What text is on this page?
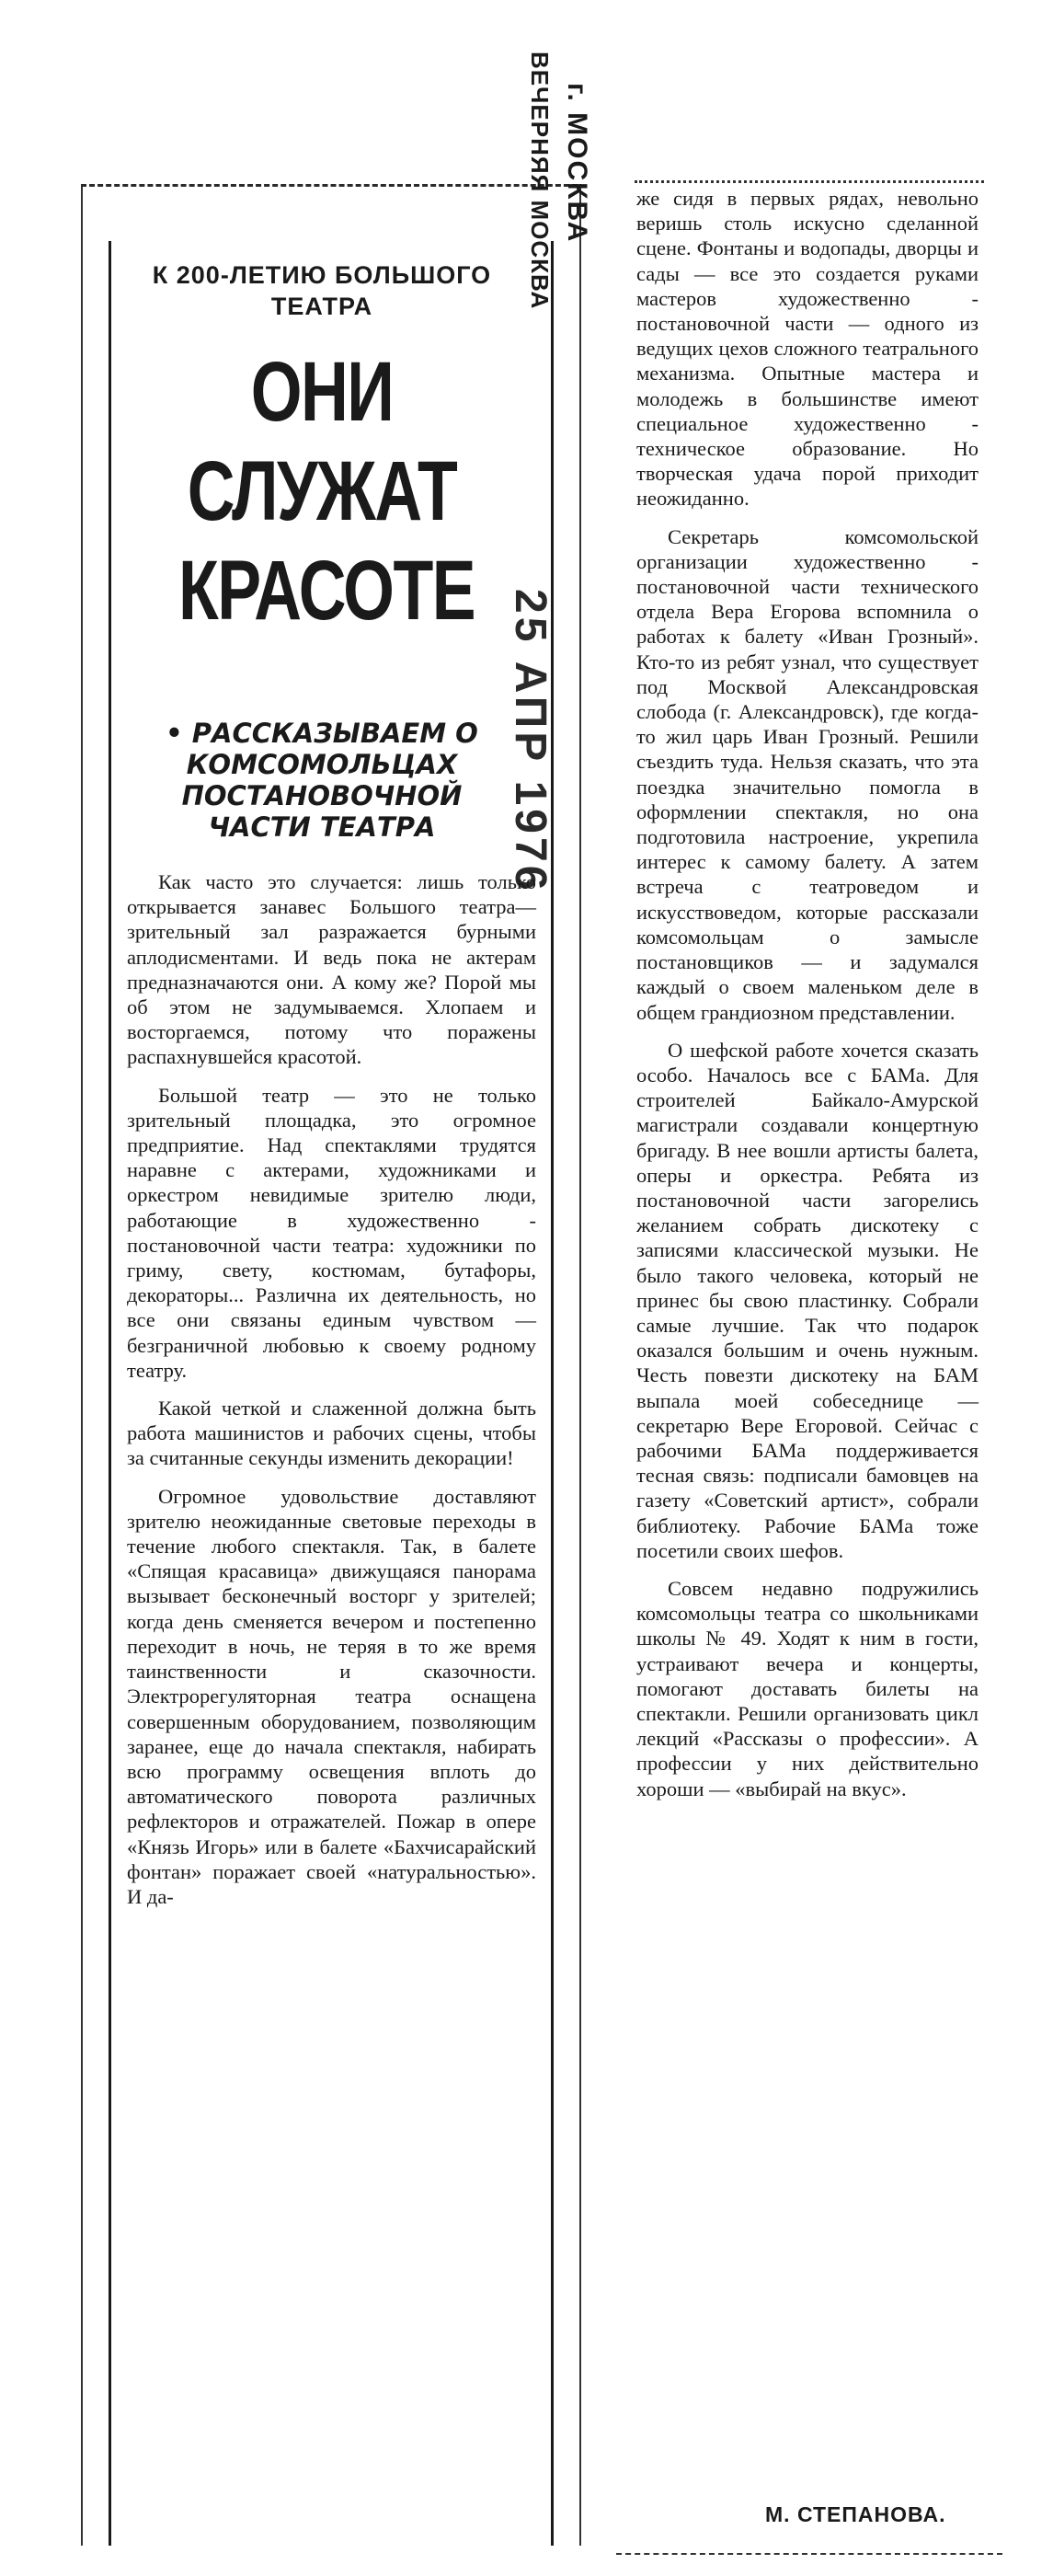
ВЕЧЕРНЯЯ МОСКВА г. МОСКВА
25 АПР 1976
К 200-ЛЕТИЮ БОЛЬШОГО ТЕАТРА
ОНИ
СЛУЖАТ
КРАСОТЕ
• РАССКАЗЫВАЕМ О КОМСОМОЛЬЦАХ ПОСТАНОВОЧНОЙ ЧАСТИ ТЕАТРА

Как часто это случается: лишь только открывается занавес Большого театра—зрительный зал разражается бурными аплодисментами. И ведь пока не актерам предназначаются они. А кому же? Порой мы об этом не задумываемся. Хлопаем и восторгаемся, потому что поражены распахнувшейся красотой.

Большой театр — это не только зрительный площадка, это огромное предприятие. Над спектаклями трудятся наравне с актерами, художниками и оркестром невидимые зрителю люди, работающие в художественно - постановочной части театра: художники по гриму, свету, костюмам, бутафоры, декораторы... Различна их деятельность, но все они связаны единым чувством — безграничной любовью к своему родному театру.

Какой четкой и слаженной должна быть работа машинистов и рабочих сцены, чтобы за считанные секунды изменить декорации!

Огромное удовольствие доставляют зрителю неожиданные световые переходы в течение любого спектакля. Так, в балете «Спящая красавица» движущаяся панорама вызывает бесконечный восторг у зрителей; когда день сменяется вечером и постепенно переходит в ночь, не теряя в то же время таинственности и сказочности. Электрорегуляторная театра оснащена совершенным оборудованием, позволяющим заранее, еще до начала спектакля, набирать всю программу освещения вплоть до автоматического поворота различных рефлекторов и отражателей. Пожар в опере «Князь Игорь» или в балете «Бахчисарайский фонтан» поражает своей «натуральностью». И да-

же сидя в первых рядах, невольно веришь столь искусно сделанной сцене. Фонтаны и водопады, дворцы и сады — все это создается руками мастеров художественно - постановочной части — одного из ведущих цехов сложного театрального механизма. Опытные мастера и молодежь в большинстве имеют специальное художественно - техническое образование. Но творческая удача порой приходит неожиданно.

Секретарь комсомольской организации художественно - постановочной части технического отдела Вера Егорова вспомнила о работах к балету «Иван Грозный». Кто-то из ребят узнал, что существует под Москвой Александровская слобода (г. Александровск), где когда-то жил царь Иван Грозный. Решили съездить туда. Нельзя сказать, что эта поездка значительно помогла в оформлении спектакля, но она подготовила настроение, укрепила интерес к самому балету. А затем встреча с театроведом и искусствоведом, которые рассказали комсомольцам о замысле постановщиков — и задумался каждый о своем маленьком деле в общем грандиозном представлении.

О шефской работе хочется сказать особо. Началось все с БАМа. Для строителей Байкало-Амурской магистрали создавали концертную бригаду. В нее вошли артисты балета, оперы и оркестра. Ребята из постановочной части загорелись желанием собрать дискотеку с записями классической музыки. Не было такого человека, который не принес бы свою пластинку. Собрали самые лучшие. Так что подарок оказался большим и очень нужным. Честь повезти дискотеку на БАМ выпала моей собеседнице — секретарю Вере Егоровой. Сейчас с рабочими БАМа поддерживается тесная связь: подписали бамовцев на газету «Советский артист», собрали библиотеку. Рабочие БАМа тоже посетили своих шефов.

Совсем недавно подружились комсомольцы театра со школьниками школы № 49. Ходят к ним в гости, устраивают вечера и концерты, помогают доставать билеты на спектакли. Решили организовать цикл лекций «Рассказы о профессии». А профессии у них действительно хороши — «выбирай на вкус».

М. СТЕПАНОВА.
